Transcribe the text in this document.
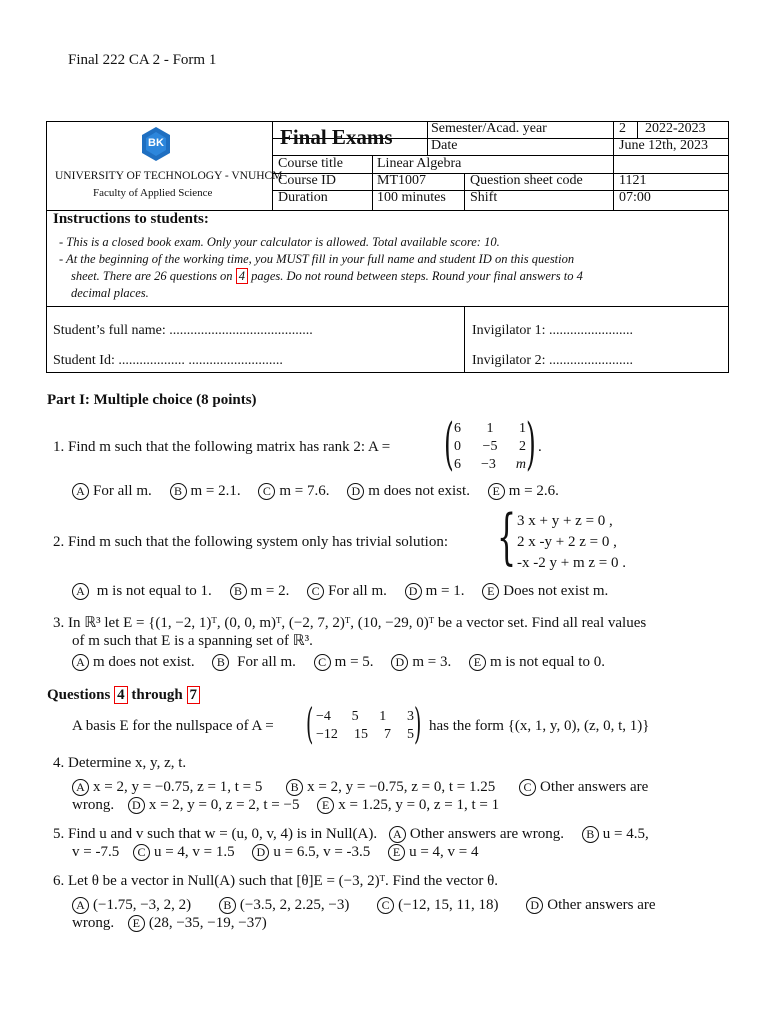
Final 222 CA 2 - Form 1
BK
UNIVERSITY OF TECHNOLOGY - VNUHCM
Faculty of Applied Science
Final Exams	Semester/Acad. year	2 2022-2023
Date	June 12th, 2023
Course title Linear Algebra
Course ID	MT1007	Question sheet code	1121
Duration	100 minutes Shift	07:00
Instructions to students:
- This is a closed book exam. Only your calculator is allowed. Total available score: 10.
- At the beginning of the working time, you MUST fill in your full name and student ID on this question
sheet. There are 26 questions on 4 pages. Do not round between steps. Round your final answers to 4
decimal places.
Student’s full name: .........................................
Student Id: ................... ...........................
Invigilator 1: ........................
Invigilator 2: ........................
Part I: Multiple choice (8 points)
1. Find m such that the following matrix has rank 2: A = ( )
6 1 1
0 −5 2
6 −3 m
.
A For all m. B m = 2.1. C m = 7.6. D m does not exist. E m = 2.6.
2. Find m such that the following system only has trivial solution: { 3 x + y + z = 0 ,
2 x -y + 2 z = 0 ,
-x -2 y + m z = 0 .
A m is not equal to 1. B m = 2. C For all m. D m = 1. E Does not exist m.
3. In ℝ³ let E = {(1, −2, 1)ᵀ, (0, 0, m)ᵀ, (−2, 7, 2)ᵀ, (10, −29, 0)ᵀ be a vector set. Find all real values
of m such that E is a spanning set of ℝ³.
A m does not exist. B For all m. C m = 5. D m = 3. E m is not equal to 0.
Questions 4 through 7
A basis E for the nullspace of A = ( )
−4 5 1 3
−12 15 7 5
has the form {(x, 1, y, 0), (z, 0, t, 1)}
4. Determine x, y, z, t.
A x = 2, y = −0.75, z = 1, t = 5 B x = 2, y = −0.75, z = 0, t = 1.25 C Other answers are
wrong. D x = 2, y = 0, z = 2, t = −5 E x = 1.25, y = 0, z = 1, t = 1
5. Find u and v such that w = (u, 0, v, 4) is in Null(A). A Other answers are wrong. B u = 4.5,
v = -7.5 C u = 4, v = 1.5 D u = 6.5, v = -3.5 E u = 4, v = 4
6. Let θ be a vector in Null(A) such that [θ]E = (−3, 2)ᵀ. Find the vector θ.
A (−1.75, −3, 2, 2)	B (−3.5, 2, 2.25, −3)	C (−12, 15, 11, 18)	D Other answers are
wrong. E (28, −35, −19, −37)
